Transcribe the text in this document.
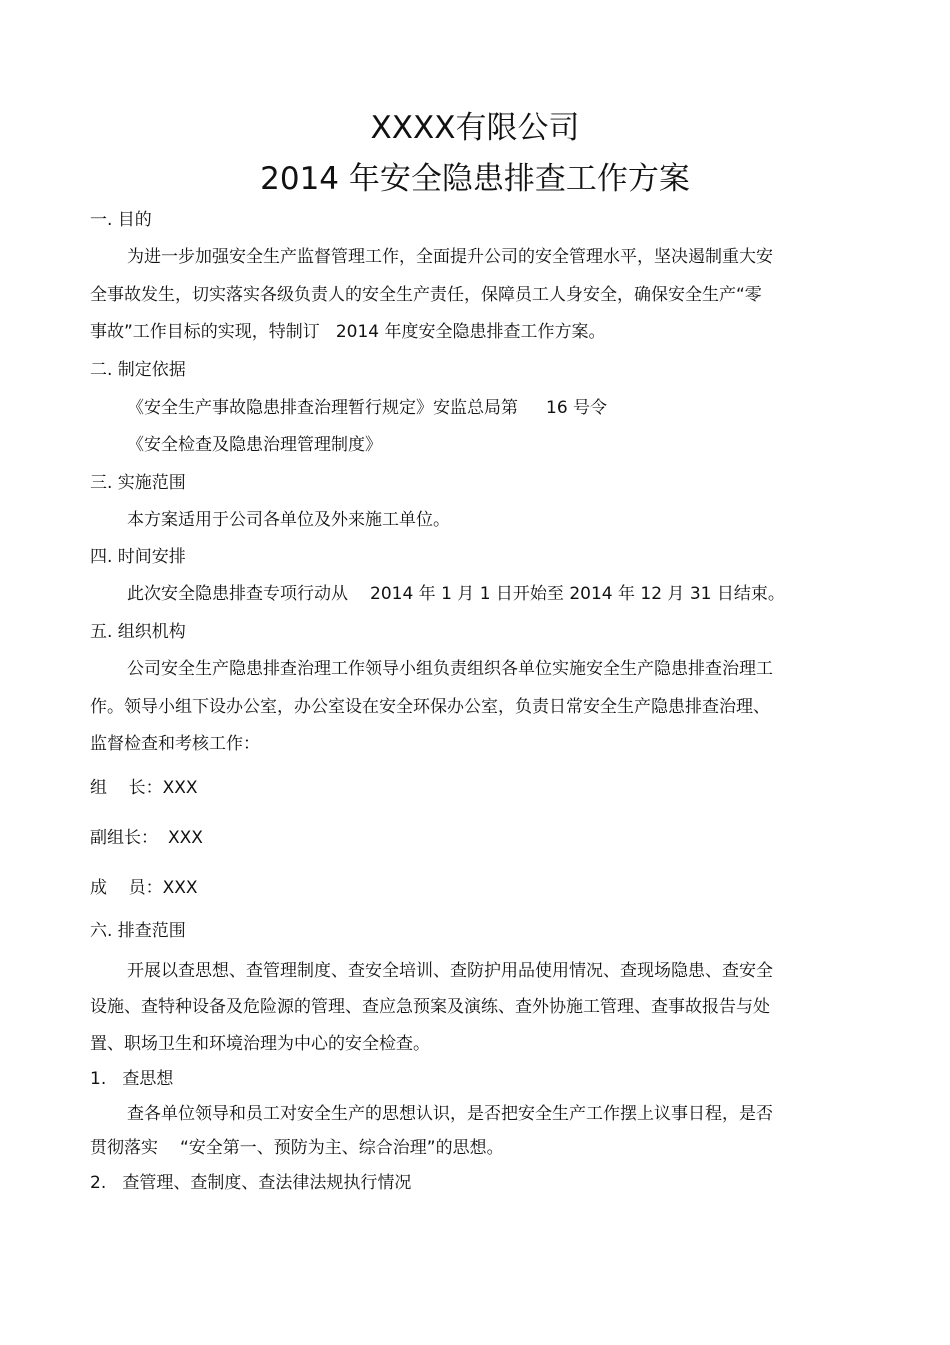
XXXX有限公司
2014 年安全隐患排查工作方案

一. 目的

为进一步加强安全生产监督管理工作，全面提升公司的安全管理水平，坚决遏制重大安

全事故发生，切实落实各级负责人的安全生产责任，保障员工人身安全，确保安全生产“零

事故”工作目标的实现，特制订 2014 年度安全隐患排查工作方案。

二. 制定依据

《安全生产事故隐患排查治理暂行规定》安监总局第 16 号令

《安全检查及隐患治理管理制度》

三. 实施范围

本方案适用于公司各单位及外来施工单位。

四. 时间安排

此次安全隐患排查专项行动从 2014 年 1 月 1 日开始至 2014 年 12 月 31 日结束。

五. 组织机构

公司安全生产隐患排查治理工作领导小组负责组织各单位实施安全生产隐患排查治理工

作。领导小组下设办公室，办公室设在安全环保办公室，负责日常安全生产隐患排查治理、

监督检查和考核工作：

组    长：XXX

副组长： XXX

成    员：XXX

六. 排查范围

开展以查思想、查管理制度、查安全培训、查防护用品使用情况、查现场隐患、查安全

设施、查特种设备及危险源的管理、查应急预案及演练、查外协施工管理、查事故报告与处

置、职场卫生和环境治理为中心的安全检查。

1.   查思想

查各单位领导和员工对安全生产的思想认识，是否把安全生产工作摆上议事日程，是否

贯彻落实 “安全第一、预防为主、综合治理”的思想。

2.   查管理、查制度、查法律法规执行情况
